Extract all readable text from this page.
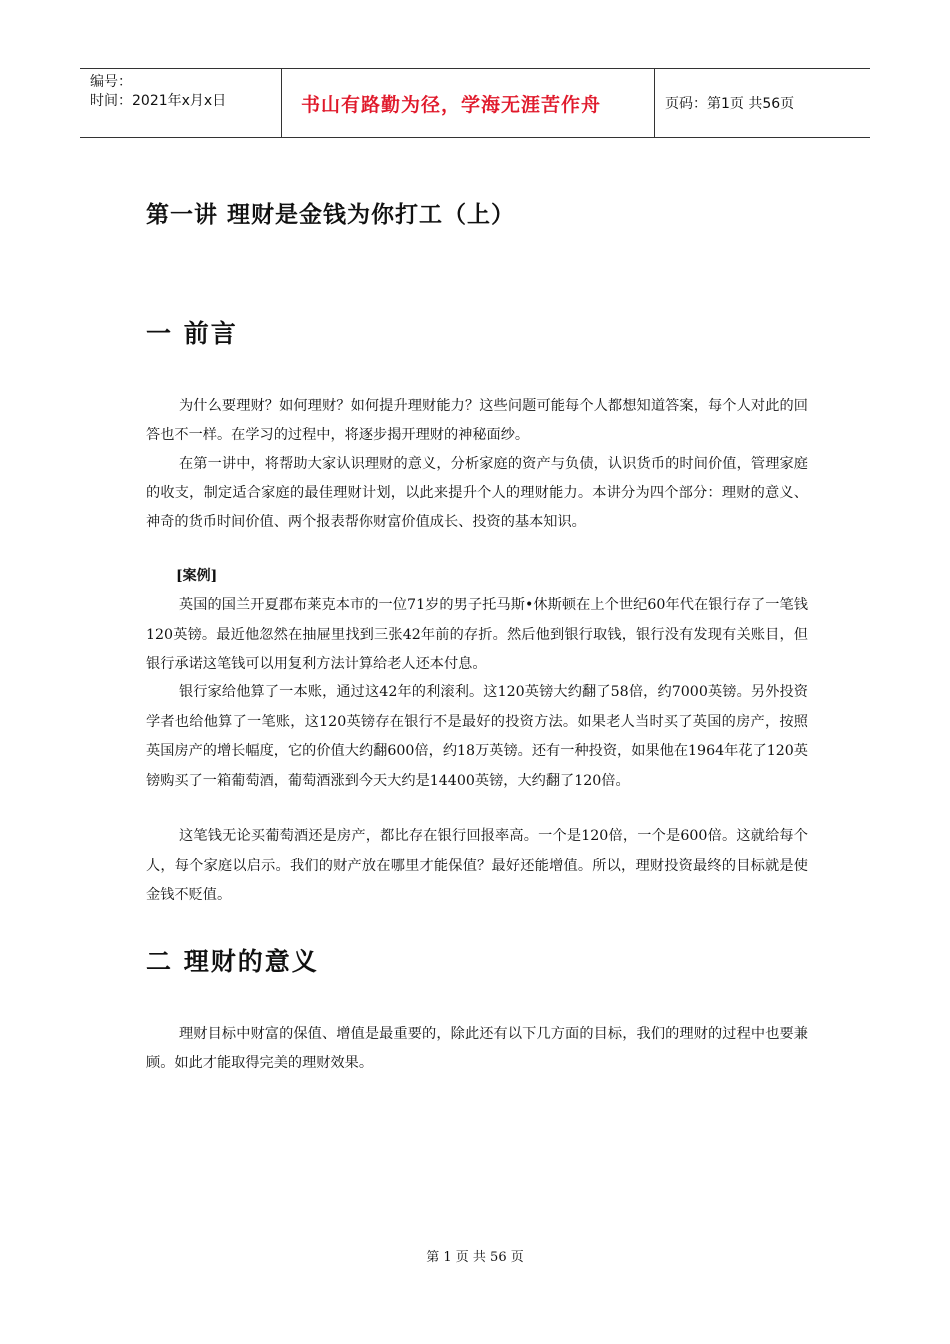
编号：
时间：2021年x月x日	书山有路勤为径，学海无涯苦作舟	页码：第1页 共56页
第一讲 理财是金钱为你打工（上）
一 前言

为什么要理财？如何理财？如何提升理财能力？这些问题可能每个人都想知道答案，每个人对此的回答也不一样。在学习的过程中，将逐步揭开理财的神秘面纱。

在第一讲中，将帮助大家认识理财的意义，分析家庭的资产与负债，认识货币的时间价值，管理家庭的收支，制定适合家庭的最佳理财计划，以此来提升个人的理财能力。本讲分为四个部分：理财的意义、神奇的货币时间价值、两个报表帮你财富价值成长、投资的基本知识。

[案例]

英国的国兰开夏郡布莱克本市的一位71岁的男子托马斯•休斯顿在上个世纪60年代在银行存了一笔钱120英镑。最近他忽然在抽屉里找到三张42年前的存折。然后他到银行取钱，银行没有发现有关账目，但银行承诺这笔钱可以用复利方法计算给老人还本付息。

银行家给他算了一本账，通过这42年的利滚利。这120英镑大约翻了58倍，约7000英镑。另外投资学者也给他算了一笔账，这120英镑存在银行不是最好的投资方法。如果老人当时买了英国的房产，按照英国房产的增长幅度，它的价值大约翻600倍，约18万英镑。还有一种投资，如果他在1964年花了120英镑购买了一箱葡萄酒，葡萄酒涨到今天大约是14400英镑，大约翻了120倍。

这笔钱无论买葡萄酒还是房产，都比存在银行回报率高。一个是120倍，一个是600倍。这就给每个人，每个家庭以启示。我们的财产放在哪里才能保值？最好还能增值。所以，理财投资最终的目标就是使金钱不贬值。

二 理财的意义

理财目标中财富的保值、增值是最重要的，除此还有以下几方面的目标，我们的理财的过程中也要兼顾。如此才能取得完美的理财效果。

第 1 页 共 56 页
